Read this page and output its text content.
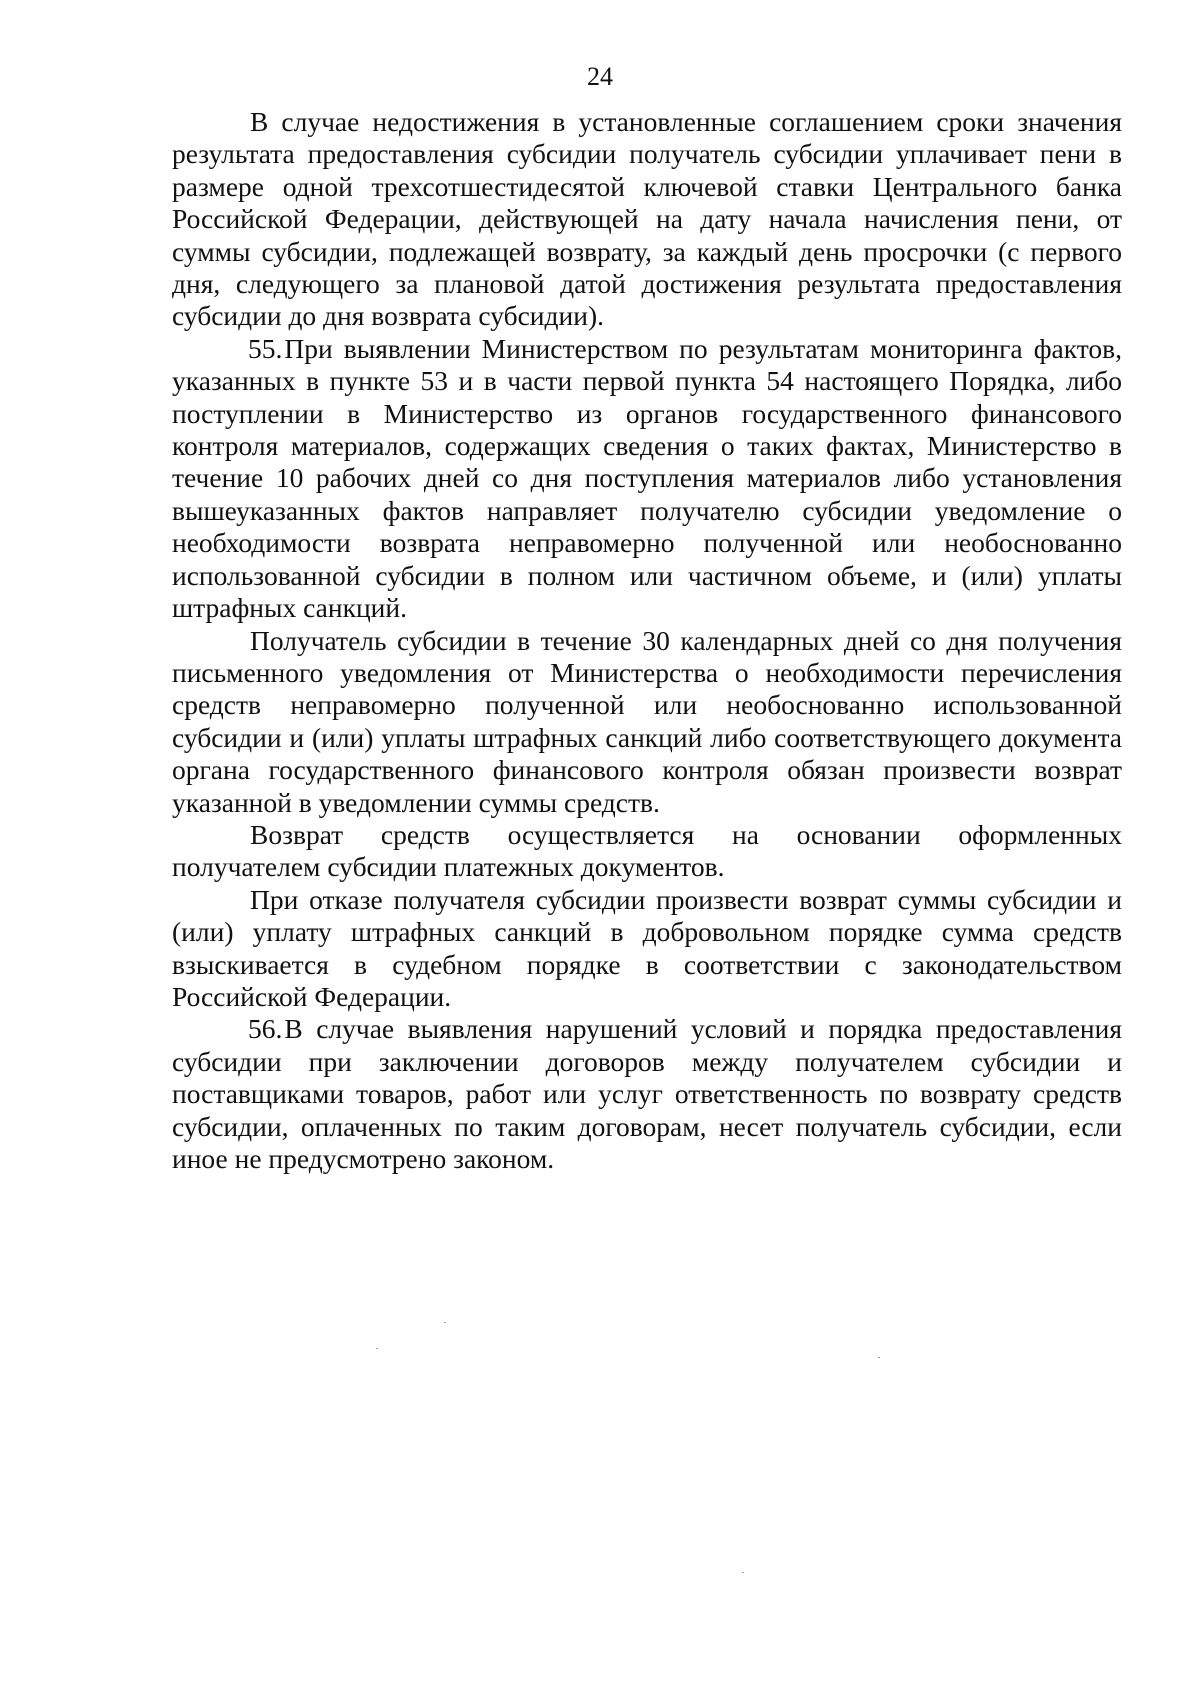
24

В случае недостижения в установленные соглашением сроки значения результата предоставления субсидии получатель субсидии уплачивает пени в размере одной трехсотшестидесятой ключевой ставки Центрального банка Российской Федерации, действующей на дату начала начисления пени, от суммы субсидии, подлежащей возврату, за каждый день просрочки (с первого дня, следующего за плановой датой достижения результата предоставления субсидии до дня возврата субсидии).

55.При выявлении Министерством по результатам мониторинга фактов, указанных в пункте 53 и в части первой пункта 54 настоящего Порядка, либо поступлении в Министерство из органов государственного финансового контроля материалов, содержащих сведения о таких фактах, Министерство в течение 10 рабочих дней со дня поступления материалов либо установления вышеуказанных фактов направляет получателю субсидии уведомление о необходимости возврата неправомерно полученной или необоснованно использованной субсидии в полном или частичном объеме, и (или) уплаты штрафных санкций.

Получатель субсидии в течение 30 календарных дней со дня получения письменного уведомления от Министерства о необходимости перечисления средств неправомерно полученной или необоснованно использованной субсидии и (или) уплаты штрафных санкций либо соответствующего документа органа государственного финансового контроля обязан произвести возврат указанной в уведомлении суммы средств.

Возврат средств осуществляется на основании оформленных получателем субсидии платежных документов.

При отказе получателя субсидии произвести возврат суммы субсидии и (или) уплату штрафных санкций в добровольном порядке сумма средств взыскивается в судебном порядке в соответствии с законодательством Российской Федерации.

56.В случае выявления нарушений условий и порядка предоставления субсидии при заключении договоров между получателем субсидии и поставщиками товаров, работ или услуг ответственность по возврату средств субсидии, оплаченных по таким договорам, несет получатель субсидии, если иное не предусмотрено законом.
